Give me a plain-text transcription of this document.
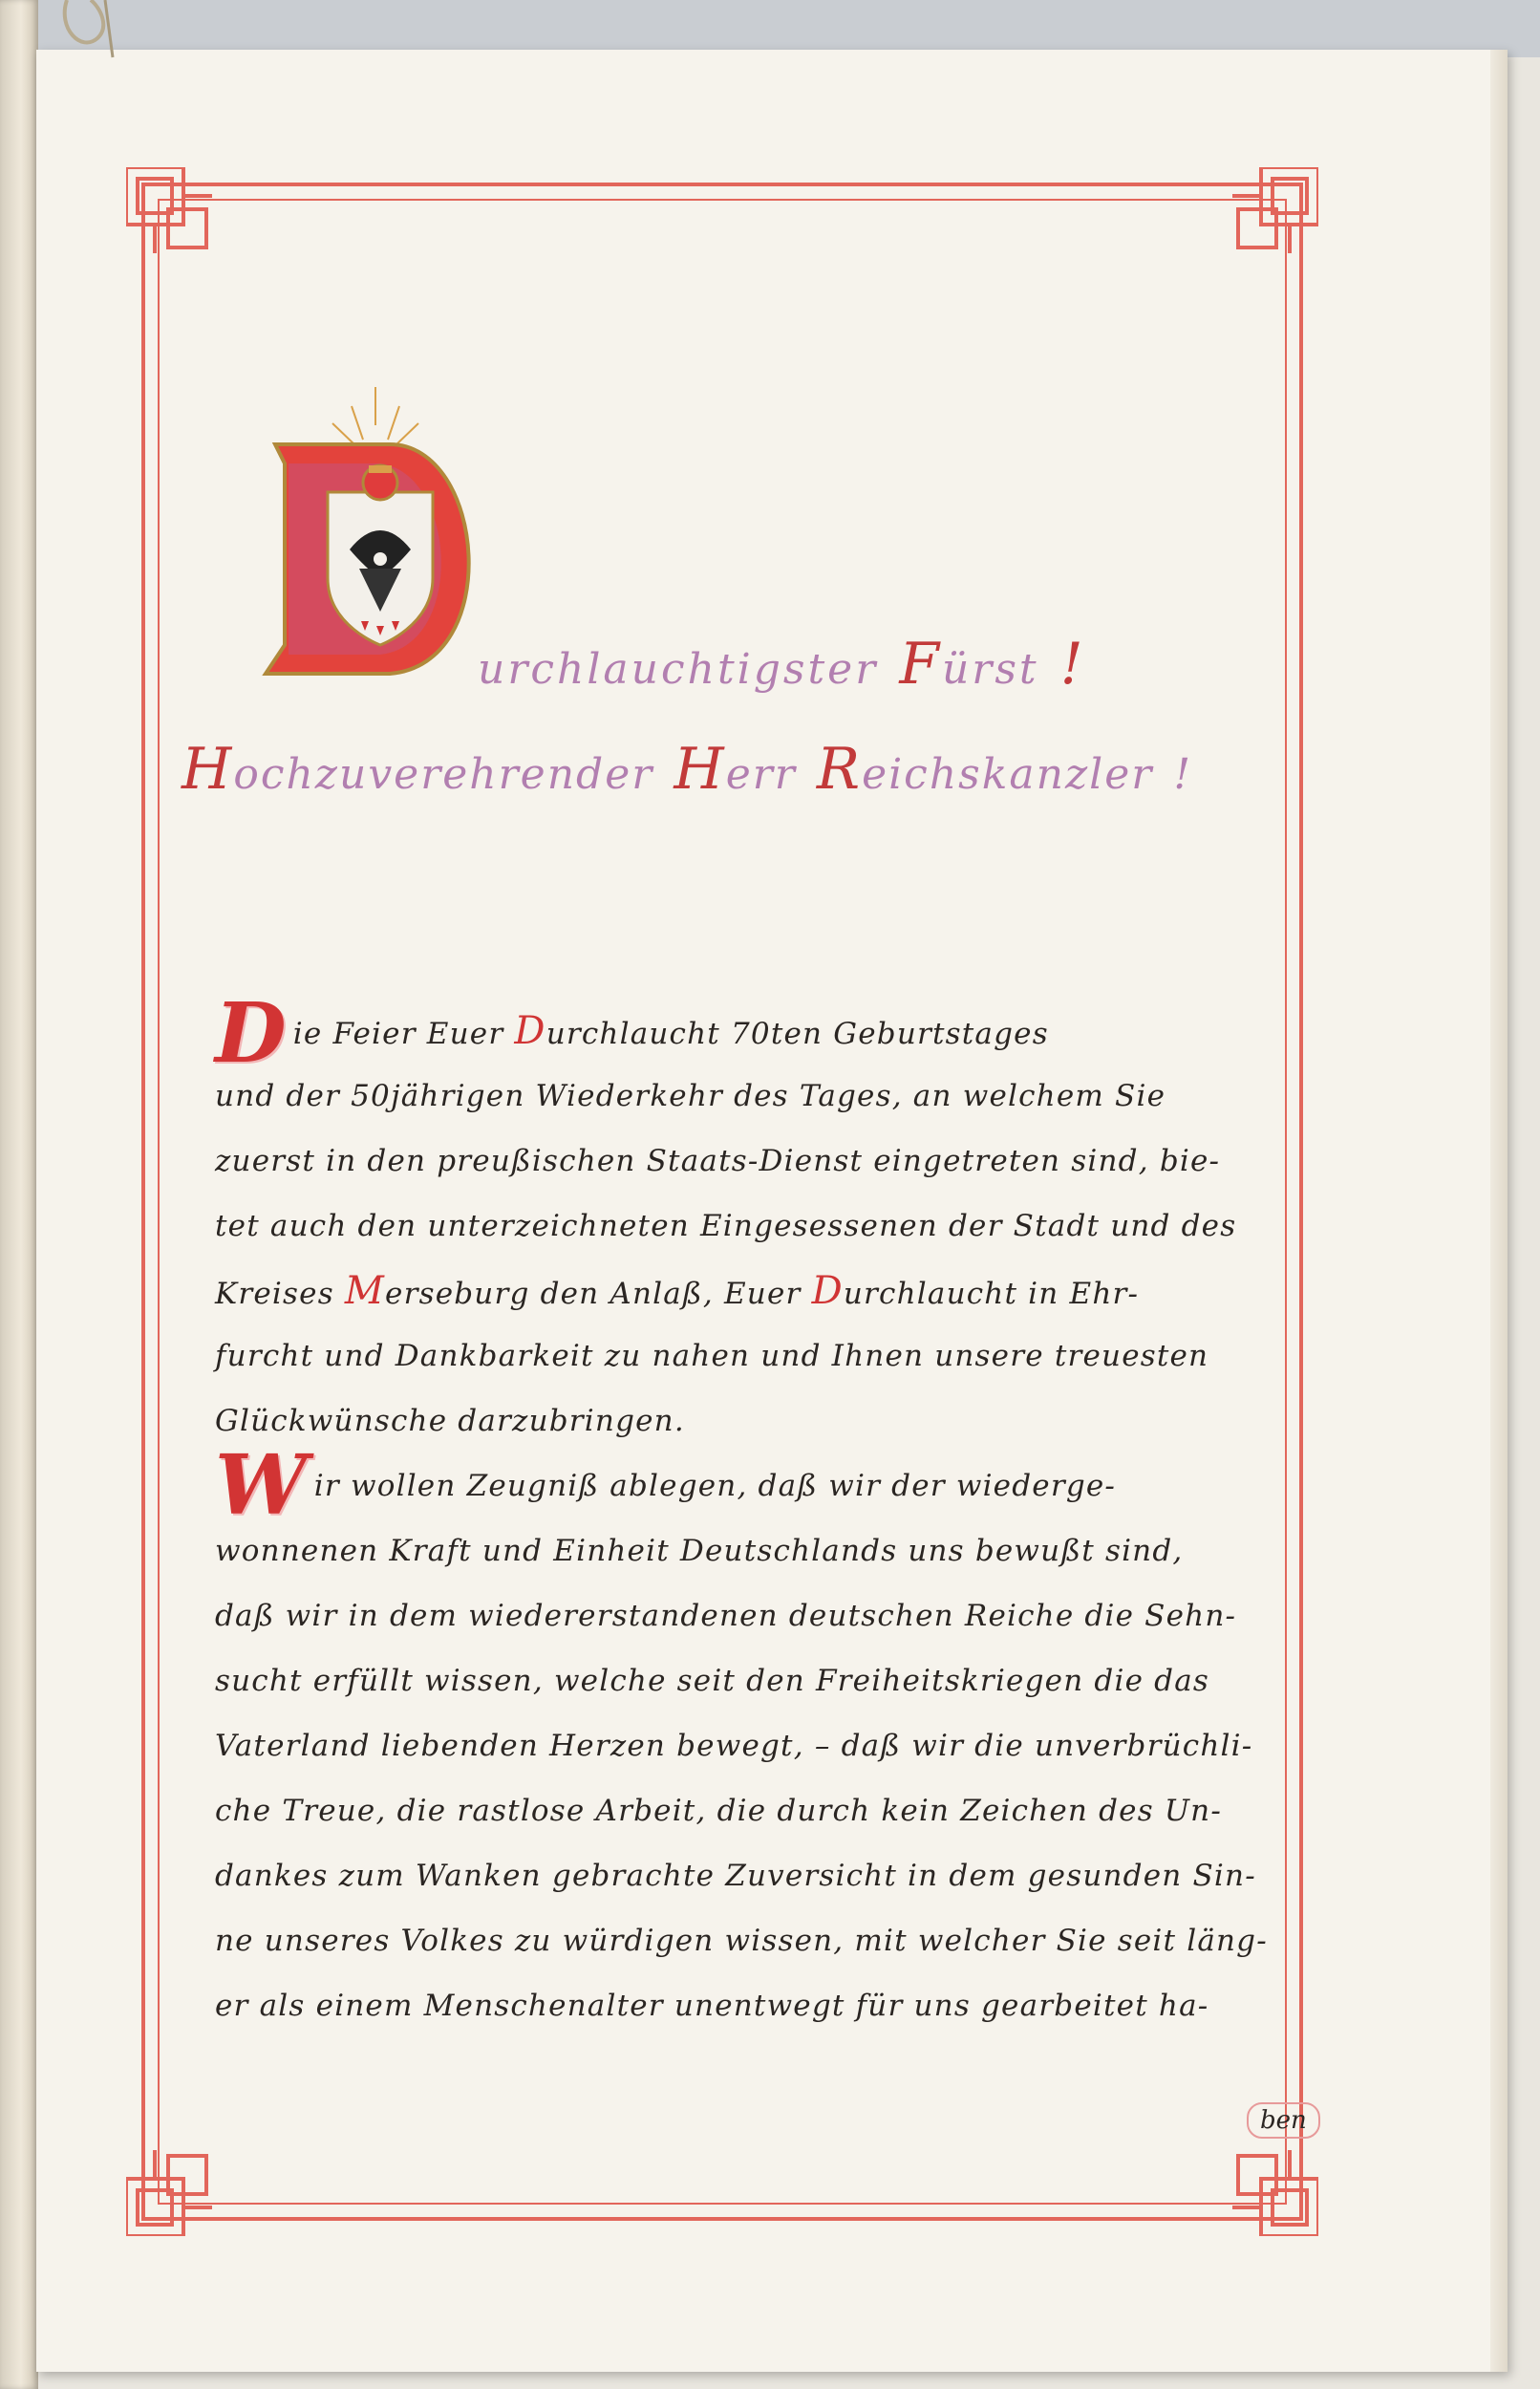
urchlauchtigster Fürst !
Hochzuverehrender Herr Reichskanzler !
Die Feier Euer Durchlaucht 70ten Geburtstages
und der 50jährigen Wiederkehr des Tages, an welchem Sie
zuerst in den preußischen Staats-Dienst eingetreten sind, bie-
tet auch den unterzeichneten Eingesessenen der Stadt und des
Kreises Merseburg den Anlaß, Euer Durchlaucht in Ehr-
furcht und Dankbarkeit zu nahen und Ihnen unsere treuesten
Glückwünsche darzubringen.
Wir wollen Zeugniß ablegen, daß wir der wiederge-
wonnenen Kraft und Einheit Deutschlands uns bewußt sind,
daß wir in dem wiedererstandenen deutschen Reiche die Sehn-
sucht erfüllt wissen, welche seit den Freiheitskriegen die das
Vaterland liebenden Herzen bewegt, – daß wir die unverbrüchli-
che Treue, die rastlose Arbeit, die durch kein Zeichen des Un-
dankes zum Wanken gebrachte Zuversicht in dem gesunden Sin-
ne unseres Volkes zu würdigen wissen, mit welcher Sie seit läng-
er als einem Menschenalter unentwegt für uns gearbeitet ha-
ben
